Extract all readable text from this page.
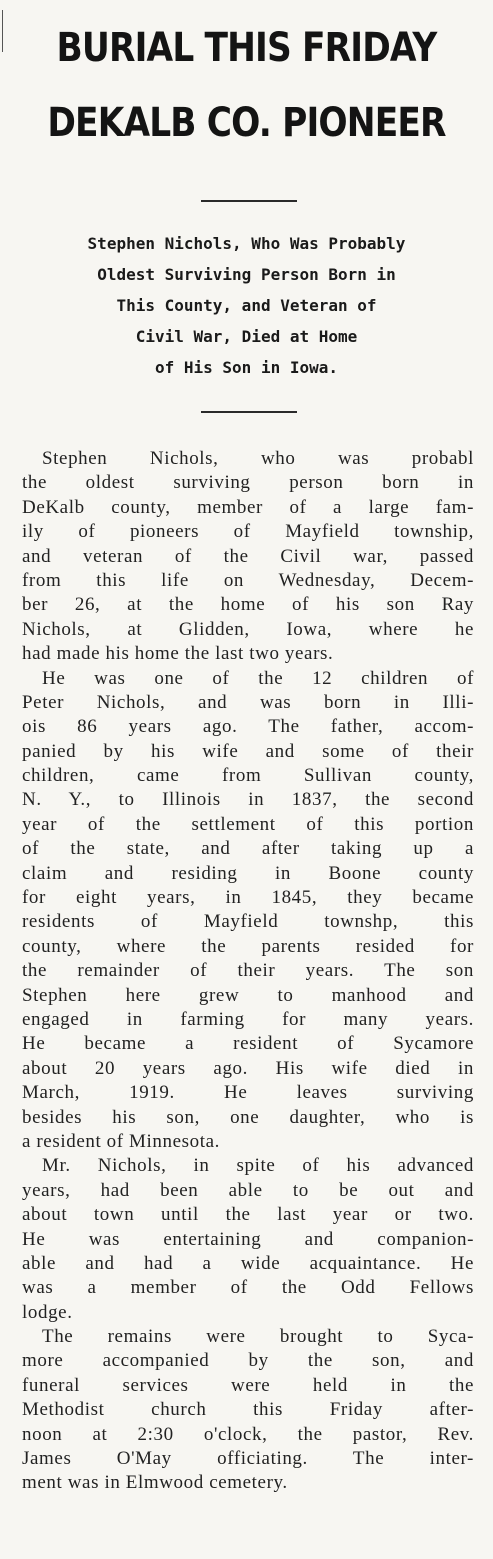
BURIAL THIS FRIDAY
DEKALB CO. PIONEER
Stephen Nichols, Who Was Probably
Oldest Surviving Person Born in
This County, and Veteran of
Civil War, Died at Home
of His Son in Iowa.
Stephen Nichols, who was probabl
the oldest surviving person born in
DeKalb county, member of a large fam-
ily of pioneers of Mayfield township,
and veteran of the Civil war, passed
from this life on Wednesday, Decem-
ber 26, at the home of his son Ray
Nichols, at Glidden, Iowa, where he
had made his home the last two years.
He was one of the 12 children of
Peter Nichols, and was born in Illi-
ois 86 years ago. The father, accom-
panied by his wife and some of their
children, came from Sullivan county,
N. Y., to Illinois in 1837, the second
year of the settlement of this portion
of the state, and after taking up a
claim and residing in Boone county
for eight years, in 1845, they became
residents of Mayfield townshp, this
county, where the parents resided for
the remainder of their years. The son
Stephen here grew to manhood and
engaged in farming for many years.
He became a resident of Sycamore
about 20 years ago. His wife died in
March, 1919. He leaves surviving
besides his son, one daughter, who is
a resident of Minnesota.
Mr. Nichols, in spite of his advanced
years, had been able to be out and
about town until the last year or two.
He was entertaining and companion-
able and had a wide acquaintance. He
was a member of the Odd Fellows
lodge.
The remains were brought to Syca-
more accompanied by the son, and
funeral services were held in the
Methodist church this Friday after-
noon at 2:30 o'clock, the pastor, Rev.
James O'May officiating. The inter-
ment was in Elmwood cemetery.
